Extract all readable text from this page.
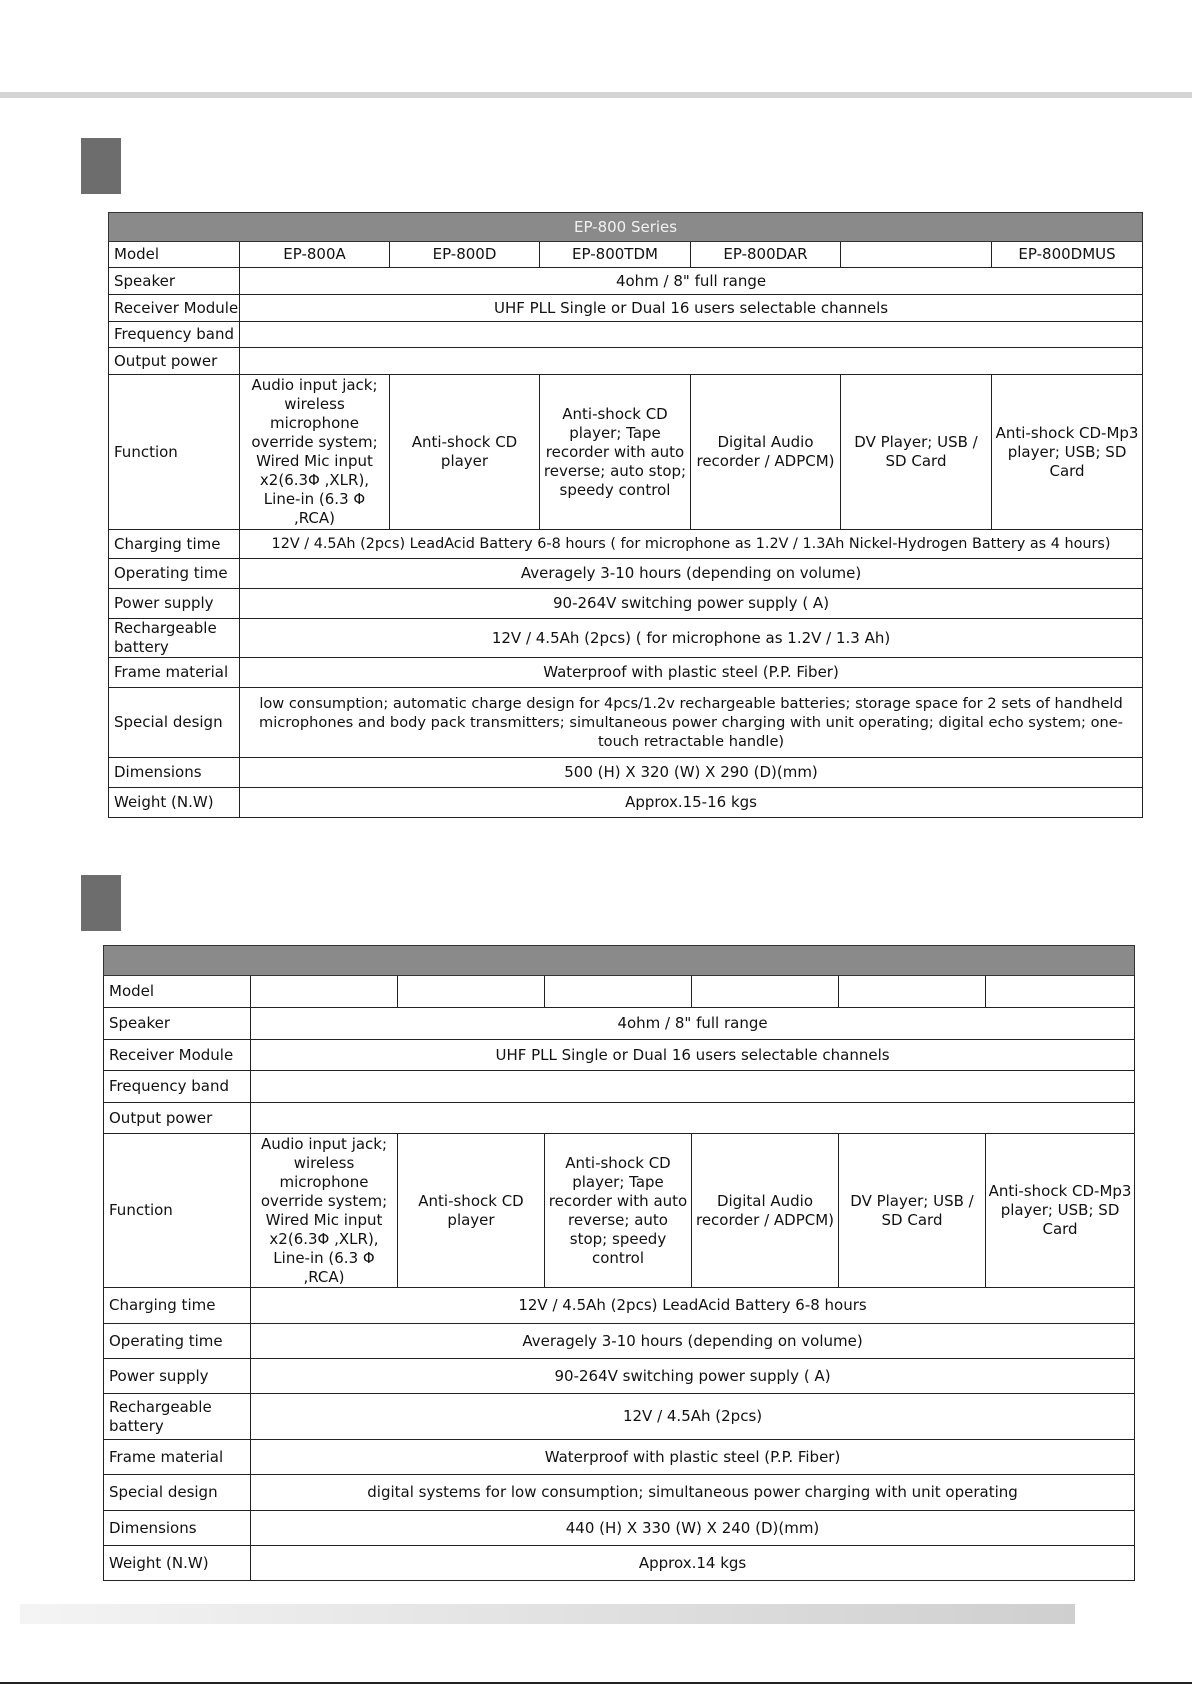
EP-800 Series						
Model	EP-800A	EP-800D	EP-800TDM	EP-800DAR		EP-800DMUS
Speaker	4ohm / 8" full range					
Receiver Module	UHF PLL Single or Dual 16 users selectable channels					
Frequency band						
Output power						
Function	Audio input jack; wireless microphone override system; Wired Mic input x2(6.3Φ ,XLR), Line-in (6.3 Φ ,RCA)	Anti-shock CD player	Anti-shock CD player; Tape recorder with auto reverse; auto stop; speedy control	Digital Audio recorder / ADPCM)	DV Player; USB / SD Card	Anti-shock CD-Mp3 player; USB; SD Card
Charging time	12V / 4.5Ah (2pcs) LeadAcid Battery 6-8 hours ( for microphone as 1.2V / 1.3Ah Nickel-Hydrogen Battery as 4 hours)					
Operating time	Averagely 3-10 hours (depending on volume)					
Power supply	90-264V switching power supply ( A)					
Rechargeable battery	12V / 4.5Ah (2pcs) ( for microphone as 1.2V / 1.3 Ah)					
Frame material	Waterproof with plastic steel (P.P. Fiber)					
Special design	low consumption; automatic charge design for 4pcs/1.2v rechargeable batteries; storage space for 2 sets of handheld microphones and body pack transmitters; simultaneous power charging with unit operating; digital echo system; one-touch retractable handle)					
Dimensions	500 (H) X 320 (W) X 290 (D)(mm)					
Weight (N.W)	Approx.15-16 kgs					

Model						
Speaker	4ohm / 8" full range					
Receiver Module	UHF PLL Single or Dual 16 users selectable channels					
Frequency band						
Output power						
Function	Audio input jack; wireless microphone override system; Wired Mic input x2(6.3Φ ,XLR), Line-in (6.3 Φ ,RCA)	Anti-shock CD player	Anti-shock CD player; Tape recorder with auto reverse; auto stop; speedy control	Digital Audio recorder / ADPCM)	DV Player; USB / SD Card	Anti-shock CD-Mp3 player; USB; SD Card
Charging time	12V / 4.5Ah (2pcs) LeadAcid Battery 6-8 hours					
Operating time	Averagely 3-10 hours (depending on volume)					
Power supply	90-264V switching power supply ( A)					
Rechargeable battery	12V / 4.5Ah (2pcs)					
Frame material	Waterproof with plastic steel (P.P. Fiber)					
Special design	digital systems for low consumption; simultaneous power charging with unit operating					
Dimensions	440 (H) X 330 (W) X 240 (D)(mm)					
Weight (N.W)	Approx.14 kgs					
